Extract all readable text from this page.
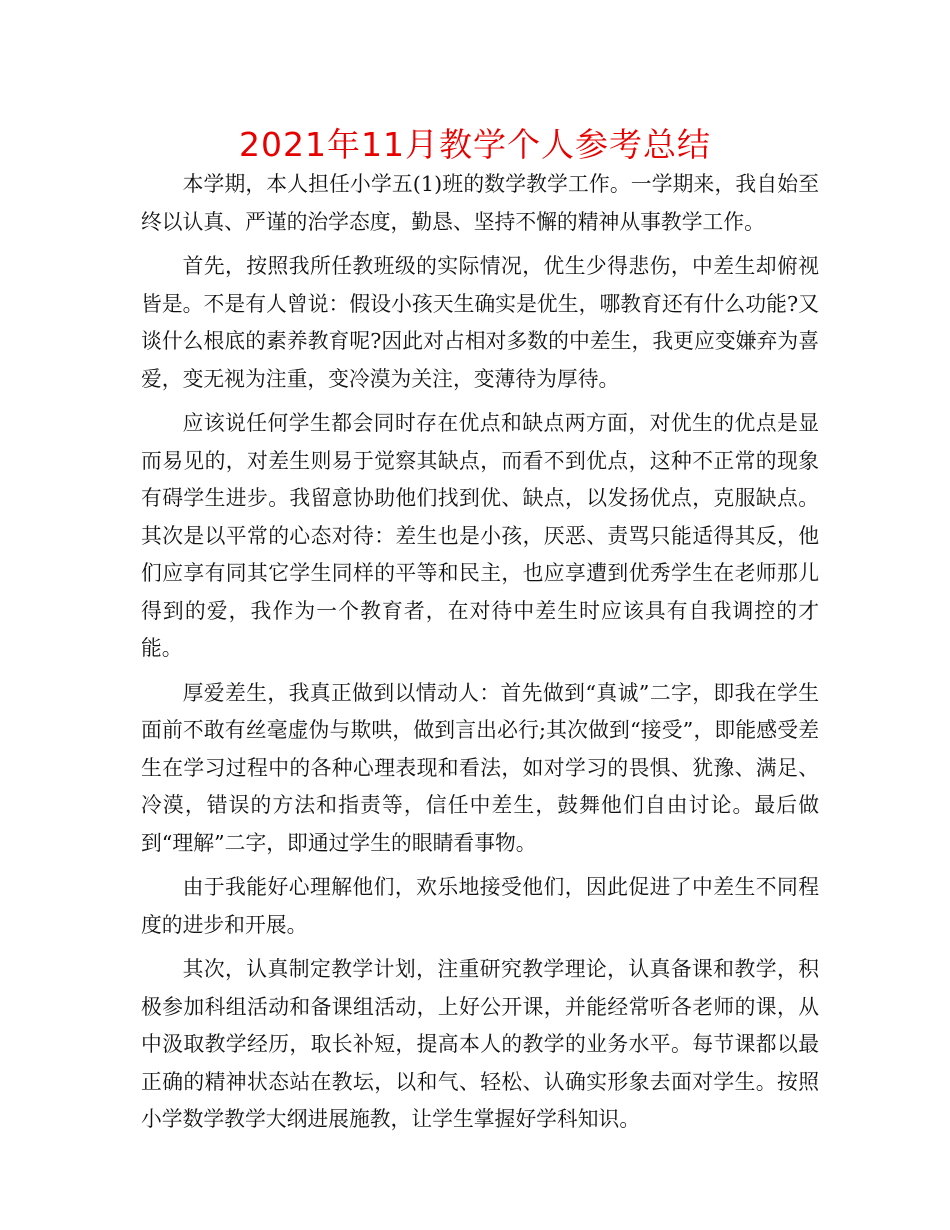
2021年11月教学个人参考总结

本学期，本人担任小学五(1)班的数学教学工作。一学期来，我自始至终以认真、严谨的治学态度，勤恳、坚持不懈的精神从事教学工作。

首先，按照我所任教班级的实际情况，优生少得悲伤，中差生却俯视皆是。不是有人曾说：假设小孩天生确实是优生，哪教育还有什么功能?又谈什么根底的素养教育呢?因此对占相对多数的中差生，我更应变嫌弃为喜爱，变无视为注重，变冷漠为关注，变薄待为厚待。

应该说任何学生都会同时存在优点和缺点两方面，对优生的优点是显而易见的，对差生则易于觉察其缺点，而看不到优点，这种不正常的现象有碍学生进步。我留意协助他们找到优、缺点，以发扬优点，克服缺点。其次是以平常的心态对待：差生也是小孩，厌恶、责骂只能适得其反，他们应享有同其它学生同样的平等和民主，也应享遭到优秀学生在老师那儿得到的爱，我作为一个教育者，在对待中差生时应该具有自我调控的才能。

厚爱差生，我真正做到以情动人：首先做到“真诚”二字，即我在学生面前不敢有丝毫虚伪与欺哄，做到言出必行;其次做到“接受”，即能感受差生在学习过程中的各种心理表现和看法，如对学习的畏惧、犹豫、满足、冷漠，错误的方法和指责等，信任中差生，鼓舞他们自由讨论。最后做到“理解”二字，即通过学生的眼睛看事物。

由于我能好心理解他们，欢乐地接受他们，因此促进了中差生不同程度的进步和开展。

其次，认真制定教学计划，注重研究教学理论，认真备课和教学，积极参加科组活动和备课组活动，上好公开课，并能经常听各老师的课，从中汲取教学经历，取长补短，提高本人的教学的业务水平。每节课都以最正确的精神状态站在教坛，以和气、轻松、认确实形象去面对学生。按照小学数学教学大纲进展施教，让学生掌握好学科知识。
